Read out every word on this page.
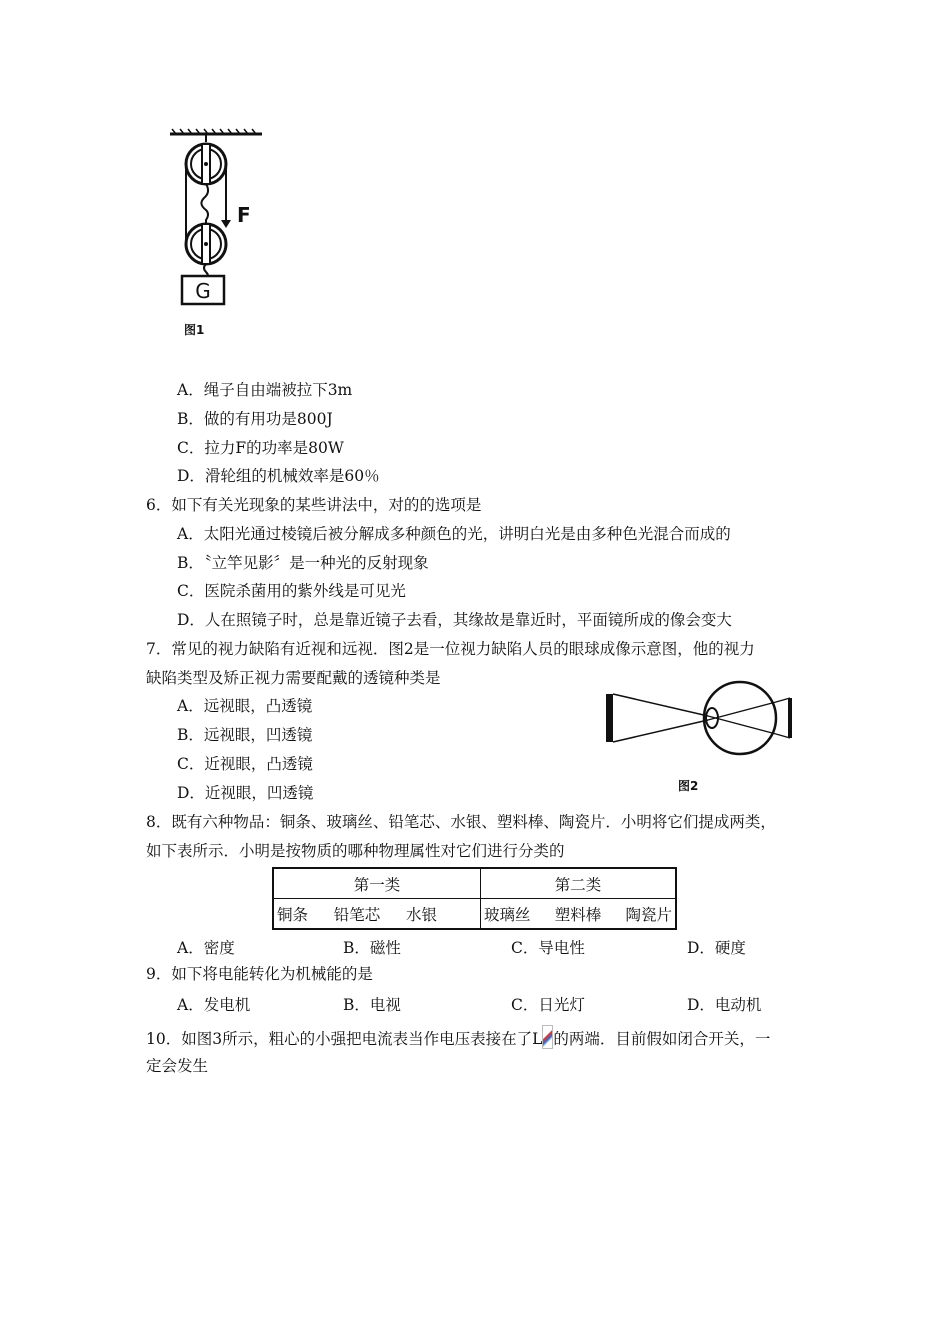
F
G
图1
A．绳子自由端被拉下3m
B．做的有用功是800J
C．拉力F的功率是80W
D．滑轮组的机械效率是60％
6．如下有关光现象的某些讲法中，对的的选项是
A．太阳光通过棱镜后被分解成多种颜色的光，讲明白光是由多种色光混合而成的
B．〝立竿见影〞是一种光的反射现象
C．医院杀菌用的紫外线是可见光
D．人在照镜子时，总是靠近镜子去看，其缘故是靠近时，平面镜所成的像会变大
7．常见的视力缺陷有近视和远视．图2是一位视力缺陷人员的眼球成像示意图，他的视力
缺陷类型及矫正视力需要配戴的透镜种类是
A．远视眼，凸透镜
B．远视眼，凹透镜
C．近视眼，凸透镜
D．近视眼，凹透镜	图2
8．既有六种物品：铜条、玻璃丝、铅笔芯、水银、塑料棒、陶瓷片．小明将它们提成两类，
如下表所示．小明是按物质的哪种物理属性对它们进行分类的
第一类	第二类

铜条 铅笔芯 水银	玻璃丝 塑料棒 陶瓷片
A．密度	B．磁性	C．导电性	D．硬度
9．如下将电能转化为机械能的是
A．发电机	B．电视	C．日光灯	D．电动机
10．如图3所示，粗心的小强把电流表当作电压表接在了L 的两端．目前假如闭合开关，一
定会发生
